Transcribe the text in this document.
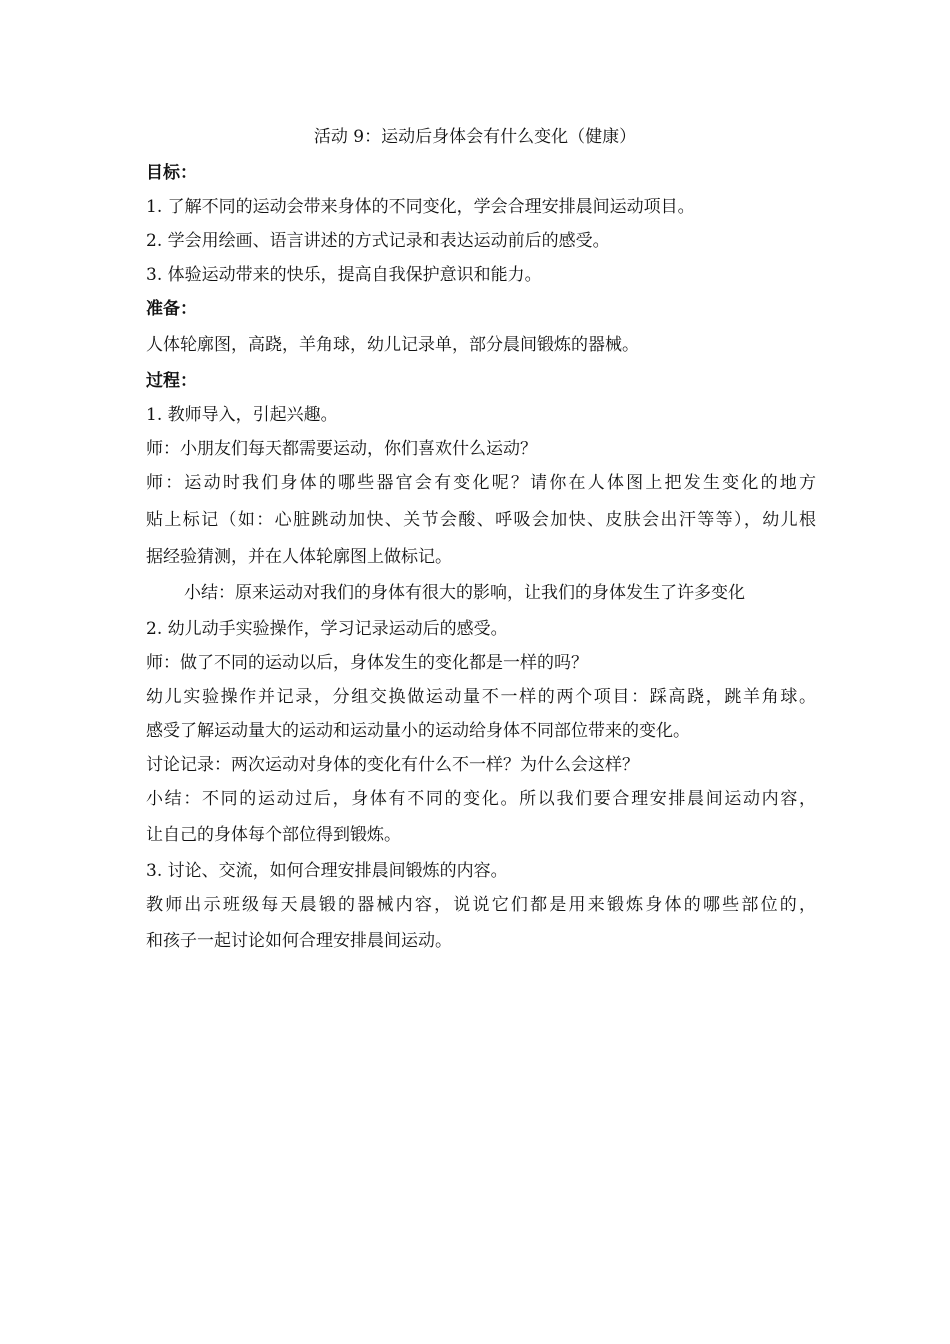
活动 9：运动后身体会有什么变化（健康）
目标：
1. 了解不同的运动会带来身体的不同变化，学会合理安排晨间运动项目。
2. 学会用绘画、语言讲述的方式记录和表达运动前后的感受。
3. 体验运动带来的快乐，提高自我保护意识和能力。
准备：
人体轮廓图，高跷，羊角球，幼儿记录单，部分晨间锻炼的器械。
过程：
1. 教师导入，引起兴趣。
师：小朋友们每天都需要运动，你们喜欢什么运动？
师：运动时我们身体的哪些器官会有变化呢？请你在人体图上把发生变化的地方
贴上标记（如：心脏跳动加快、关节会酸、呼吸会加快、皮肤会出汗等等），幼儿根
据经验猜测，并在人体轮廓图上做标记。
小结：原来运动对我们的身体有很大的影响，让我们的身体发生了许多变化
2. 幼儿动手实验操作，学习记录运动后的感受。
师：做了不同的运动以后，身体发生的变化都是一样的吗？
幼儿实验操作并记录，分组交换做运动量不一样的两个项目：踩高跷，跳羊角球。
感受了解运动量大的运动和运动量小的运动给身体不同部位带来的变化。
讨论记录：两次运动对身体的变化有什么不一样？为什么会这样？
小结：不同的运动过后，身体有不同的变化。所以我们要合理安排晨间运动内容，
让自己的身体每个部位得到锻炼。
3. 讨论、交流，如何合理安排晨间锻炼的内容。
教师出示班级每天晨锻的器械内容，说说它们都是用来锻炼身体的哪些部位的，
和孩子一起讨论如何合理安排晨间运动。
